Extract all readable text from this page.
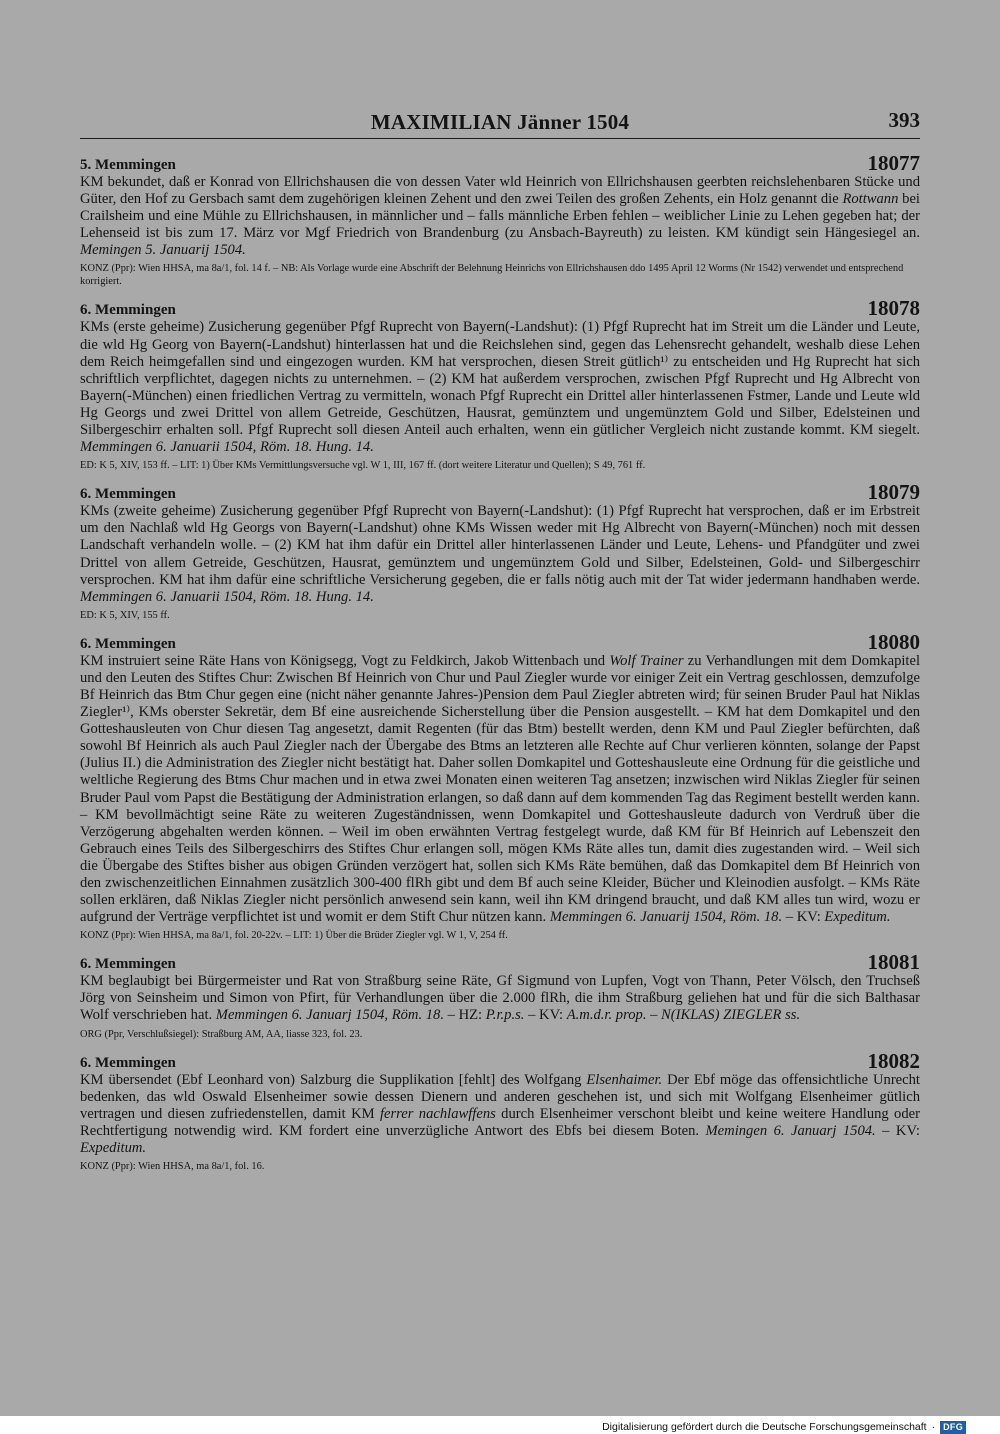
MAXIMILIAN Jänner 1504	393
5. Memmingen	18077

KM bekundet, daß er Konrad von Ellrichshausen die von dessen Vater wld Heinrich von Ellrichshausen geerbten reichslehenbaren Stücke und Güter, den Hof zu Gersbach samt dem zugehörigen kleinen Zehent und den zwei Teilen des großen Zehents, ein Holz genannt die Rottwann bei Crailsheim und eine Mühle zu Ellrichshausen, in männlicher und – falls männliche Erben fehlen – weiblicher Linie zu Lehen gegeben hat; der Lehenseid ist bis zum 17. März vor Mgf Friedrich von Brandenburg (zu Ansbach-Bayreuth) zu leisten. KM kündigt sein Hängesiegel an. Memingen 5. Januarij 1504.

KONZ (Ppr): Wien HHSA, ma 8a/1, fol. 14 f. – NB: Als Vorlage wurde eine Abschrift der Belehnung Heinrichs von Ellrichshausen ddo 1495 April 12 Worms (Nr 1542) verwendet und entsprechend korrigiert.

6. Memmingen	18078

KMs (erste geheime) Zusicherung gegenüber Pfgf Ruprecht von Bayern(-Landshut): (1) Pfgf Ruprecht hat im Streit um die Länder und Leute, die wld Hg Georg von Bayern(-Landshut) hinterlassen hat und die Reichslehen sind, gegen das Lehensrecht gehandelt, weshalb diese Lehen dem Reich heimgefallen sind und eingezogen wurden. KM hat versprochen, diesen Streit gütlich¹⁾ zu entscheiden und Hg Ruprecht hat sich schriftlich verpflichtet, dagegen nichts zu unternehmen. – (2) KM hat außerdem versprochen, zwischen Pfgf Ruprecht und Hg Albrecht von Bayern(-München) einen friedlichen Vertrag zu vermitteln, wonach Pfgf Ruprecht ein Drittel aller hinterlassenen Fstmer, Lande und Leute wld Hg Georgs und zwei Drittel von allem Getreide, Geschützen, Hausrat, gemünztem und ungemünztem Gold und Silber, Edelsteinen und Silbergeschirr erhalten soll. Pfgf Ruprecht soll diesen Anteil auch erhalten, wenn ein gütlicher Vergleich nicht zustande kommt. KM siegelt. Memmingen 6. Januarii 1504, Röm. 18. Hung. 14.

ED: K 5, XIV, 153 ff. – LIT: 1) Über KMs Vermittlungsversuche vgl. W 1, III, 167 ff. (dort weitere Literatur und Quellen); S 49, 761 ff.

6. Memmingen	18079

KMs (zweite geheime) Zusicherung gegenüber Pfgf Ruprecht von Bayern(-Landshut): (1) Pfgf Ruprecht hat versprochen, daß er im Erbstreit um den Nachlaß wld Hg Georgs von Bayern(-Landshut) ohne KMs Wissen weder mit Hg Albrecht von Bayern(-München) noch mit dessen Landschaft verhandeln wolle. – (2) KM hat ihm dafür ein Drittel aller hinterlassenen Länder und Leute, Lehens- und Pfandgüter und zwei Drittel von allem Getreide, Geschützen, Hausrat, gemünztem und ungemünztem Gold und Silber, Edelsteinen, Gold- und Silbergeschirr versprochen. KM hat ihm dafür eine schriftliche Versicherung gegeben, die er falls nötig auch mit der Tat wider jedermann handhaben werde. Memmingen 6. Januarii 1504, Röm. 18. Hung. 14.

ED: K 5, XIV, 155 ff.

6. Memmingen	18080

KM instruiert seine Räte Hans von Königsegg, Vogt zu Feldkirch, Jakob Wittenbach und Wolf Trainer zu Verhandlungen mit dem Domkapitel und den Leuten des Stiftes Chur: Zwischen Bf Heinrich von Chur und Paul Ziegler wurde vor einiger Zeit ein Vertrag geschlossen, demzufolge Bf Heinrich das Btm Chur gegen eine (nicht näher genannte Jahres-)Pension dem Paul Ziegler abtreten wird; für seinen Bruder Paul hat Niklas Ziegler¹⁾, KMs oberster Sekretär, dem Bf eine ausreichende Sicherstellung über die Pension ausgestellt. – KM hat dem Domkapitel und den Gotteshausleuten von Chur diesen Tag angesetzt, damit Regenten (für das Btm) bestellt werden, denn KM und Paul Ziegler befürchten, daß sowohl Bf Heinrich als auch Paul Ziegler nach der Übergabe des Btms an letzteren alle Rechte auf Chur verlieren könnten, solange der Papst (Julius II.) die Administration des Ziegler nicht bestätigt hat. Daher sollen Domkapitel und Gotteshausleute eine Ordnung für die geistliche und weltliche Regierung des Btms Chur machen und in etwa zwei Monaten einen weiteren Tag ansetzen; inzwischen wird Niklas Ziegler für seinen Bruder Paul vom Papst die Bestätigung der Administration erlangen, so daß dann auf dem kommenden Tag das Regiment bestellt werden kann. – KM bevollmächtigt seine Räte zu weiteren Zugeständnissen, wenn Domkapitel und Gotteshausleute dadurch von Verdruß über die Verzögerung abgehalten werden können. – Weil im oben erwähnten Vertrag festgelegt wurde, daß KM für Bf Heinrich auf Lebenszeit den Gebrauch eines Teils des Silbergeschirrs des Stiftes Chur erlangen soll, mögen KMs Räte alles tun, damit dies zugestanden wird. – Weil sich die Übergabe des Stiftes bisher aus obigen Gründen verzögert hat, sollen sich KMs Räte bemühen, daß das Domkapitel dem Bf Heinrich von den zwischenzeitlichen Einnahmen zusätzlich 300-400 flRh gibt und dem Bf auch seine Kleider, Bücher und Kleinodien ausfolgt. – KMs Räte sollen erklären, daß Niklas Ziegler nicht persönlich anwesend sein kann, weil ihn KM dringend braucht, und daß KM alles tun wird, wozu er aufgrund der Verträge verpflichtet ist und womit er dem Stift Chur nützen kann. Memmingen 6. Januarij 1504, Röm. 18. – KV: Expeditum.

KONZ (Ppr): Wien HHSA, ma 8a/1, fol. 20-22v. – LIT: 1) Über die Brüder Ziegler vgl. W 1, V, 254 ff.

6. Memmingen	18081

KM beglaubigt bei Bürgermeister und Rat von Straßburg seine Räte, Gf Sigmund von Lupfen, Vogt von Thann, Peter Völsch, den Truchseß Jörg von Seinsheim und Simon von Pfirt, für Verhandlungen über die 2.000 flRh, die ihm Straßburg geliehen hat und für die sich Balthasar Wolf verschrieben hat. Memmingen 6. Januarj 1504, Röm. 18. – HZ: P.r.p.s. – KV: A.m.d.r. prop. – N(IKLAS) ZIEGLER ss.

ORG (Ppr, Verschlußsiegel): Straßburg AM, AA, liasse 323, fol. 23.

6. Memmingen	18082

KM übersendet (Ebf Leonhard von) Salzburg die Supplikation [fehlt] des Wolfgang Elsenhaimer. Der Ebf möge das offensichtliche Unrecht bedenken, das wld Oswald Elsenheimer sowie dessen Dienern und anderen geschehen ist, und sich mit Wolfgang Elsenheimer gütlich vertragen und diesen zufriedenstellen, damit KM ferrer nachlawffens durch Elsenheimer verschont bleibt und keine weitere Handlung oder Rechtfertigung notwendig wird. KM fordert eine unverzügliche Antwort des Ebfs bei diesem Boten. Memingen 6. Januarj 1504. – KV: Expeditum.

KONZ (Ppr): Wien HHSA, ma 8a/1, fol. 16.

Digitalisierung gefördert durch die Deutsche Forschungsgemeinschaft · DFG
